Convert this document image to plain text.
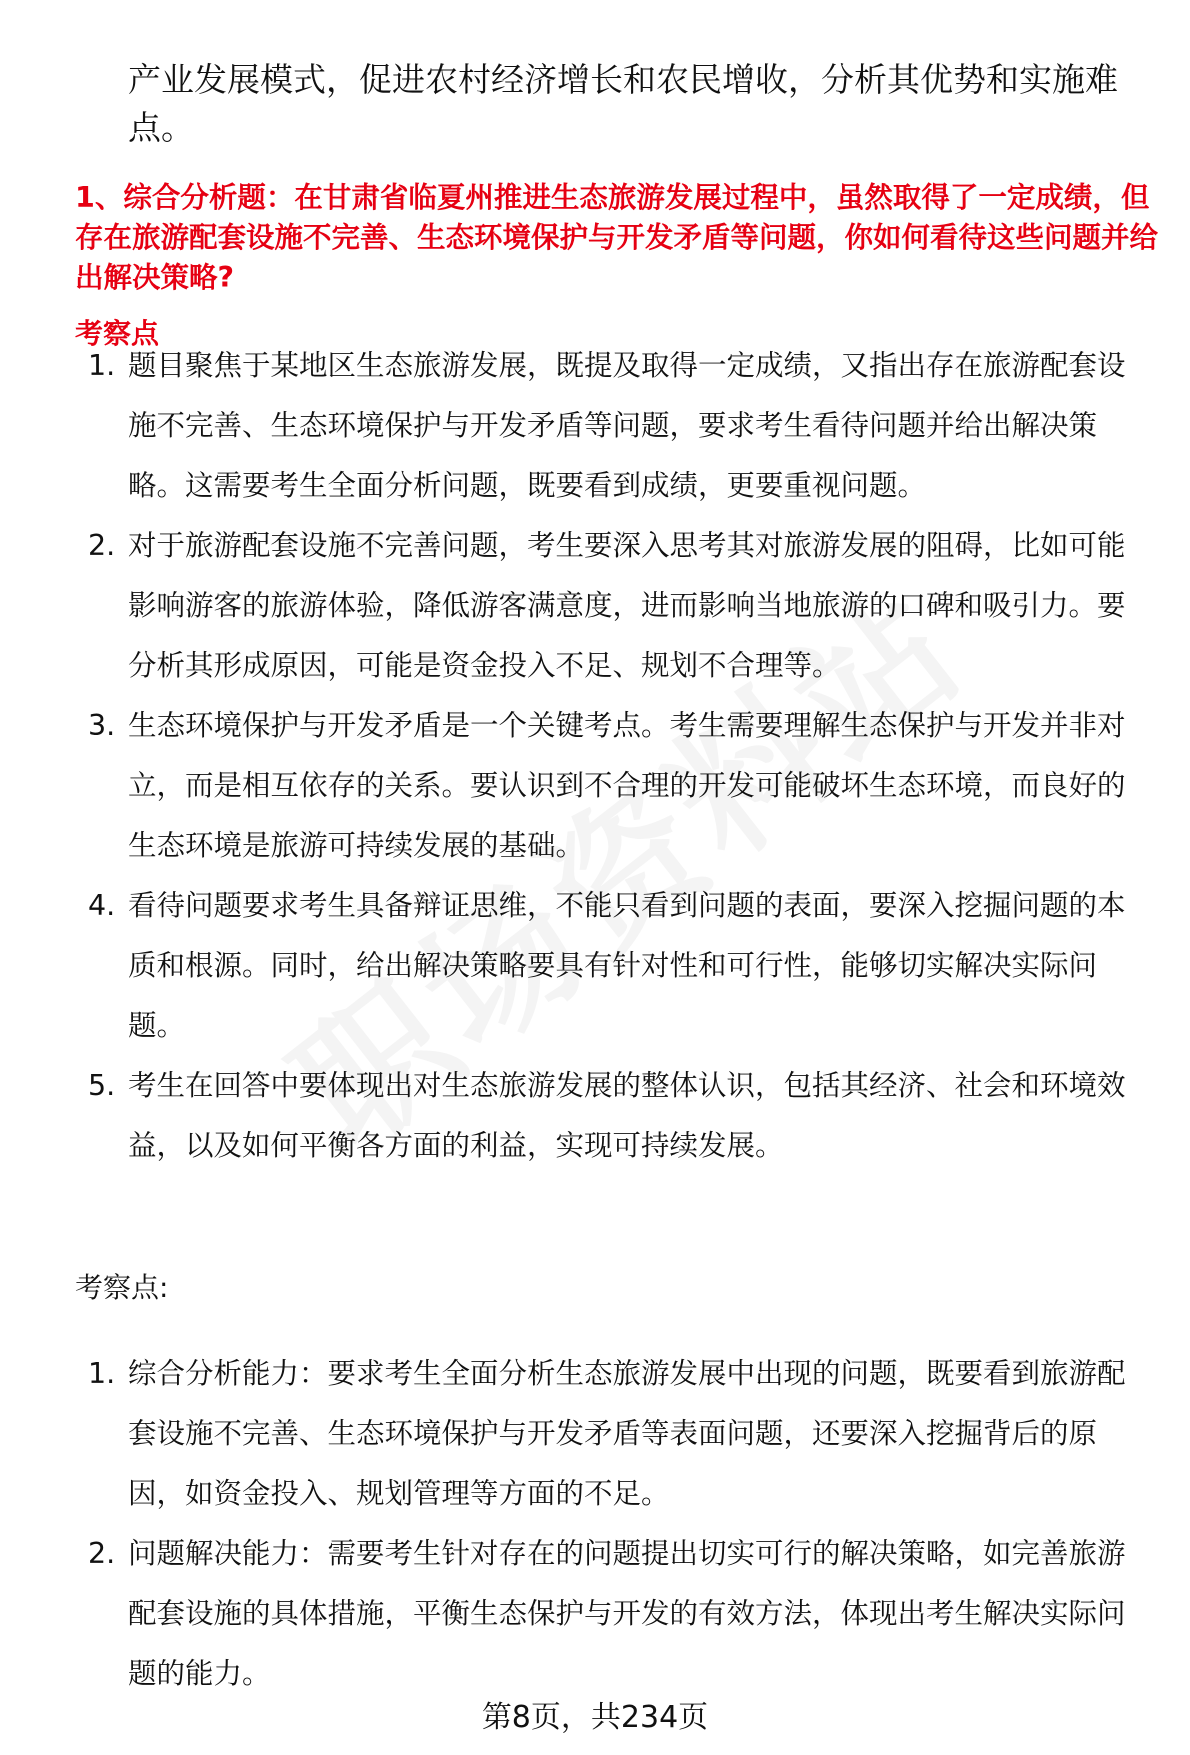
产业发展模式，促进农村经济增长和农民增收，分析其优势和实施难点。
1、综合分析题：在甘肃省临夏州推进生态旅游发展过程中，虽然取得了一定成绩，但存在旅游配套设施不完善、生态环境保护与开发矛盾等问题，你如何看待这些问题并给出解决策略?
考察点
1. 题目聚焦于某地区生态旅游发展，既提及取得一定成绩，又指出存在旅游配套设施不完善、生态环境保护与开发矛盾等问题，要求考生看待问题并给出解决策略。这需要考生全面分析问题，既要看到成绩，更要重视问题。
2. 对于旅游配套设施不完善问题，考生要深入思考其对旅游发展的阻碍，比如可能影响游客的旅游体验，降低游客满意度，进而影响当地旅游的口碑和吸引力。要分析其形成原因，可能是资金投入不足、规划不合理等。
3. 生态环境保护与开发矛盾是一个关键考点。考生需要理解生态保护与开发并非对立，而是相互依存的关系。要认识到不合理的开发可能破坏生态环境，而良好的生态环境是旅游可持续发展的基础。
4. 看待问题要求考生具备辩证思维，不能只看到问题的表面，要深入挖掘问题的本质和根源。同时，给出解决策略要具有针对性和可行性，能够切实解决实际问题。
5. 考生在回答中要体现出对生态旅游发展的整体认识，包括其经济、社会和环境效益，以及如何平衡各方面的利益，实现可持续发展。
考察点:
1. 综合分析能力：要求考生全面分析生态旅游发展中出现的问题，既要看到旅游配套设施不完善、生态环境保护与开发矛盾等表面问题，还要深入挖掘背后的原因，如资金投入、规划管理等方面的不足。
2. 问题解决能力：需要考生针对存在的问题提出切实可行的解决策略，如完善旅游配套设施的具体措施，平衡生态保护与开发的有效方法，体现出考生解决实际问题的能力。
第8页，共234页
